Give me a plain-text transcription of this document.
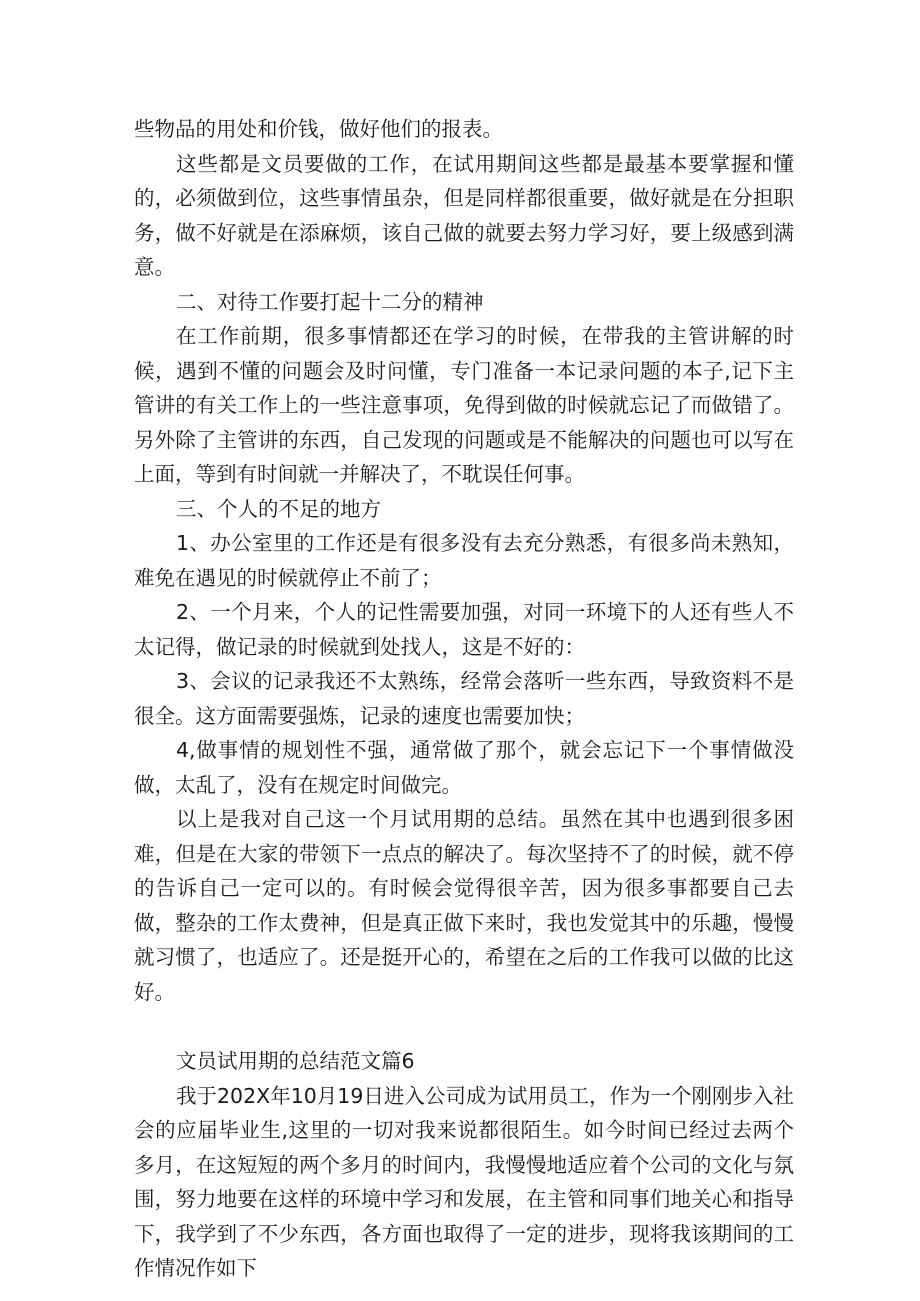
些物品的用处和价钱，做好他们的报表。

这些都是文员要做的工作，在试用期间这些都是最基本要掌握和懂的，必须做到位，这些事情虽杂，但是同样都很重要，做好就是在分担职务，做不好就是在添麻烦，该自己做的就要去努力学习好，要上级感到满意。

二、对待工作要打起十二分的精神

在工作前期，很多事情都还在学习的时候，在带我的主管讲解的时候，遇到不懂的问题会及时问懂，专门准备一本记录问题的本子,记下主管讲的有关工作上的一些注意事项，免得到做的时候就忘记了而做错了。另外除了主管讲的东西，自己发现的问题或是不能解决的问题也可以写在上面，等到有时间就一并解决了，不耽误任何事。

三、个人的不足的地方

1、办公室里的工作还是有很多没有去充分熟悉，有很多尚未熟知，难免在遇见的时候就停止不前了；

2、一个月来，个人的记性需要加强，对同一环境下的人还有些人不太记得，做记录的时候就到处找人，这是不好的：

3、会议的记录我还不太熟练，经常会落听一些东西，导致资料不是很全。这方面需要强炼，记录的速度也需要加快；

4,做事情的规划性不强，通常做了那个，就会忘记下一个事情做没做，太乱了，没有在规定时间做完。

以上是我对自己这一个月试用期的总结。虽然在其中也遇到很多困难，但是在大家的带领下一点点的解决了。每次坚持不了的时候，就不停的告诉自己一定可以的。有时候会觉得很辛苦，因为很多事都要自己去做，整杂的工作太费神，但是真正做下来时，我也发觉其中的乐趣，慢慢就习惯了，也适应了。还是挺开心的，希望在之后的工作我可以做的比这好。

文员试用期的总结范文篇6

我于202X年10月19日进入公司成为试用员工，作为一个刚刚步入社会的应届毕业生,这里的一切对我来说都很陌生。如今时间已经过去两个多月，在这短短的两个多月的时间内，我慢慢地适应着个公司的文化与氛围，努力地要在这样的环境中学习和发展，在主管和同事们地关心和指导下，我学到了不少东西，各方面也取得了一定的进步，现将我该期间的工作情况作如下
